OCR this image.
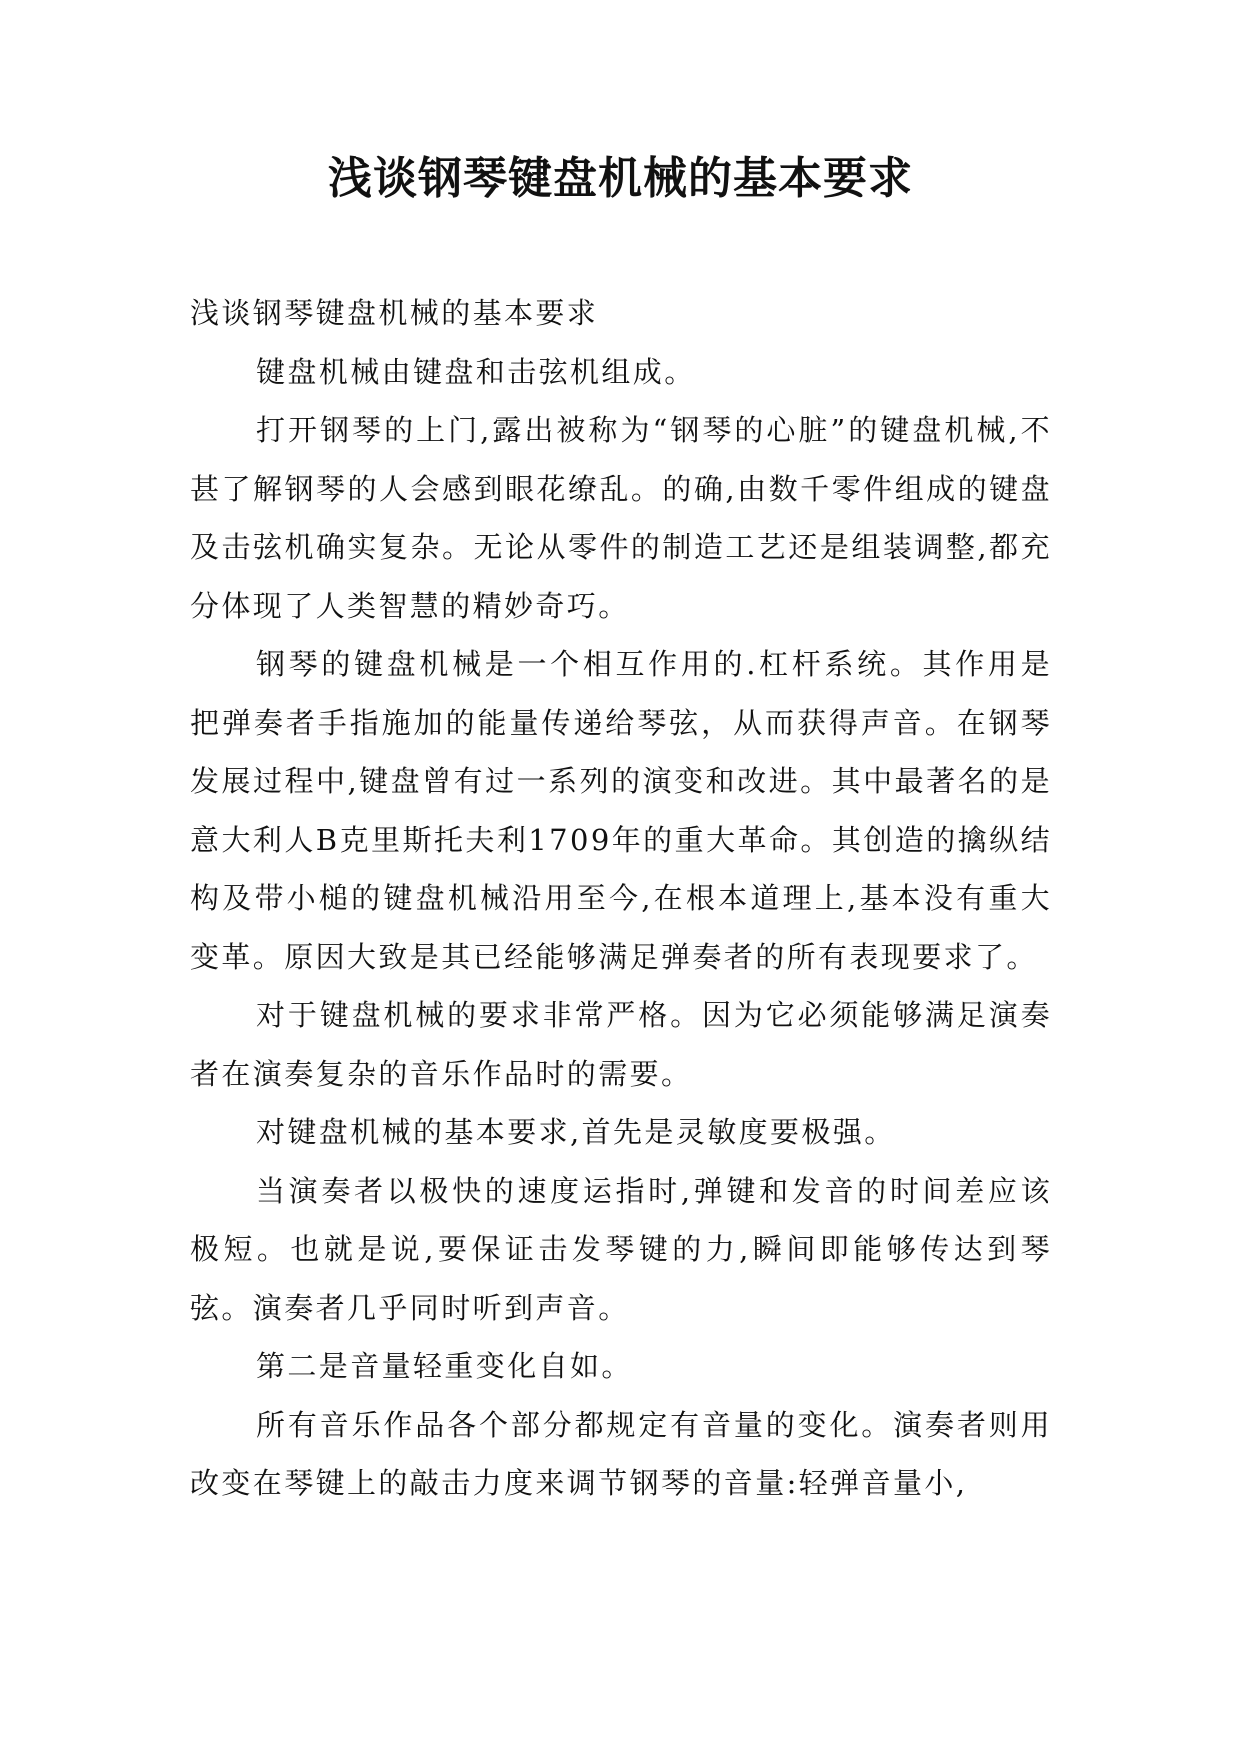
浅谈钢琴键盘机械的基本要求

浅谈钢琴键盘机械的基本要求

键盘机械由键盘和击弦机组成。

打开钢琴的上门,露出被称为“钢琴的心脏”的键盘机械,不甚了解钢琴的人会感到眼花缭乱。的确,由数千零件组成的键盘及击弦机确实复杂。无论从零件的制造工艺还是组装调整,都充分体现了人类智慧的精妙奇巧。

钢琴的键盘机械是一个相互作用的.杠杆系统。其作用是把弹奏者手指施加的能量传递给琴弦，从而获得声音。在钢琴发展过程中,键盘曾有过一系列的演变和改进。其中最著名的是意大利人B克里斯托夫利1709年的重大革命。其创造的擒纵结构及带小槌的键盘机械沿用至今,在根本道理上,基本没有重大变革。原因大致是其已经能够满足弹奏者的所有表现要求了。

对于键盘机械的要求非常严格。因为它必须能够满足演奏者在演奏复杂的音乐作品时的需要。

对键盘机械的基本要求,首先是灵敏度要极强。

当演奏者以极快的速度运指时,弹键和发音的时间差应该极短。也就是说,要保证击发琴键的力,瞬间即能够传达到琴弦。演奏者几乎同时听到声音。

第二是音量轻重变化自如。

所有音乐作品各个部分都规定有音量的变化。演奏者则用改变在琴键上的敲击力度来调节钢琴的音量:轻弹音量小,
